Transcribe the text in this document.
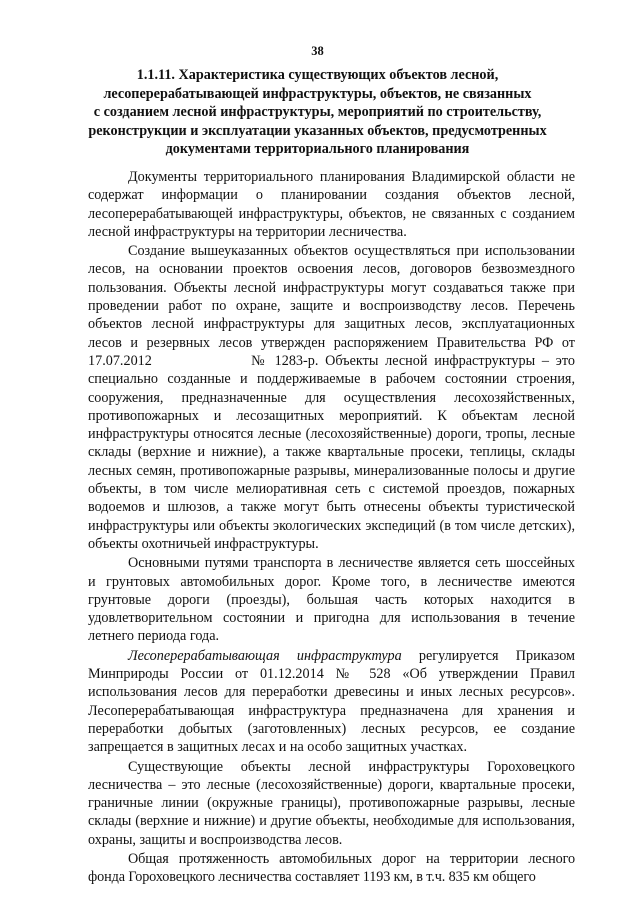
38
1.1.11. Характеристика существующих объектов лесной,
лесоперерабатывающей инфраструктуры, объектов, не связанных
с созданием лесной инфраструктуры, мероприятий по строительству,
реконструкции и эксплуатации указанных объектов, предусмотренных
документами территориального планирования

Документы территориального планирования Владимирской области не содержат информации о планировании создания объектов лесной, лесоперерабатывающей инфраструктуры, объектов, не связанных с созданием лесной инфраструктуры на территории лесничества.

Создание вышеуказанных объектов осуществляться при использовании лесов, на основании проектов освоения лесов, договоров безвозмездного пользования. Объекты лесной инфраструктуры могут создаваться также при проведении работ по охране, защите и воспроизводству лесов. Перечень объектов лесной инфраструктуры для защитных лесов, эксплуатационных лесов и резервных лесов утвержден распоряжением Правительства РФ от 17.07.2012	№ 1283-р. Объекты лесной инфраструктуры – это специально созданные и поддерживаемые в рабочем состоянии строения, сооружения, предназначенные для осуществления лесохозяйственных, противопожарных и лесозащитных мероприятий. К объектам лесной инфраструктуры относятся лесные (лесохозяйственные) дороги, тропы, лесные склады (верхние и нижние), а также квартальные просеки, теплицы, склады лесных семян, противопожарные разрывы, минерализованные полосы и другие объекты, в том числе мелиоративная сеть с системой проездов, пожарных водоемов и шлюзов, а также могут быть отнесены объекты туристической инфраструктуры или объекты экологических экспедиций (в том числе детских), объекты охотничьей инфраструктуры.

Основными путями транспорта в лесничестве является сеть шоссейных и грунтовых автомобильных дорог. Кроме того, в лесничестве имеются грунтовые дороги (проезды), большая часть которых находится в удовлетворительном состоянии и пригодна для использования в течение летнего периода года.

Лесоперерабатывающая инфраструктура регулируется Приказом Минприроды России от 01.12.2014 № 528 «Об утверждении Правил использования лесов для переработки древесины и иных лесных ресурсов». Лесоперерабатывающая инфраструктура предназначена для хранения и переработки добытых (заготовленных) лесных ресурсов, ее создание запрещается в защитных лесах и на особо защитных участках.

Существующие объекты лесной инфраструктуры Гороховецкого лесничества – это лесные (лесохозяйственные) дороги, квартальные просеки, граничные линии (окружные границы), противопожарные разрывы, лесные склады (верхние и нижние) и другие объекты, необходимые для использования, охраны, защиты и воспроизводства лесов.

Общая протяженность автомобильных дорог на территории лесного фонда Гороховецкого лесничества составляет 1193 км, в т.ч. 835 км общего
